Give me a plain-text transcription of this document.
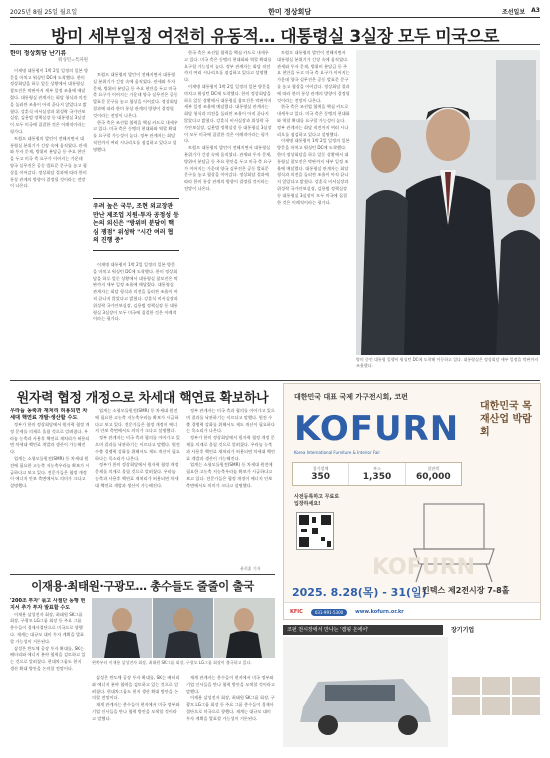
2025년 8월 25일 월요일	한미 정상회담	조선일보 A3
방미 세부일정 여전히 유동적… 대통령실 3실장 모두 미국으로
한미 정상회담 난기류
워싱턴=특파원

이재명 대통령이 1박 2일 일정의 일본 방문을 마치고 워싱턴 DC에 도착했다. 한미 정상회담을 하루 앞둔 상황에서 대통령실 참모진은 막판까지 세부 일정 조율에 매달렸다. 대통령실 관계자는 회담 형식과 의전을 둘러싼 조율이 아직 끝나지 않았다고 밝혔다. 강훈식 비서실장과 위성락 국가안보실장, 김용범 정책실장 등 대통령실 3실장이 모두 미국에 집결한 것은 이례적이라는 평가다.

트럼프 대통령의 발언이 전해지면서 대통령실 분위기가 긴장 속에 움직였다. 관세와 투자 문제, 방위비 분담금 등 주요 현안을 두고 미국 측 요구가 이어지는 가운데 양국 실무진은 공동 발표문 문구를 놓고 협상을 이어갔다. 정상회담 결과에 따라 한미 통상 관계의 방향이 결정될 것이라는 전망이 나온다.

트럼프 대통령의 발언이 전해지면서 대통령실 분위기가 긴장 속에 움직였다. 관세와 투자 문제, 방위비 분담금 등 주요 현안을 두고 미국 측 요구가 이어지는 가운데 양국 실무진은 공동 발표문 문구를 놓고 협상을 이어갔다. 정상회담 결과에 따라 한미 통상 관계의 방향이 결정될 것이라는 전망이 나온다.

한국 측은 조선업 협력을 핵심 카드로 내세우고 있다. 미국 측은 동맹의 현대화와 역할 확대를 요구할 가능성이 높다. 정부 관계자는 회담 직전까지 여러 시나리오를 점검하고 있다고 설명했다.

우려 높은 국무, 조현 외교장관 만난 제조업 지원·투자 공정성 등 논의 외신은 "방위비 분담이 핵심 쟁점" 위성락 "시간 여러 협의 진행 중"

이재명 대통령이 1박 2일 일정의 일본 방문을 마치고 워싱턴 DC에 도착했다. 한미 정상회담을 하루 앞둔 상황에서 대통령실 참모진은 막판까지 세부 일정 조율에 매달렸다. 대통령실 관계자는 회담 형식과 의전을 둘러싼 조율이 아직 끝나지 않았다고 밝혔다. 강훈식 비서실장과 위성락 국가안보실장, 김용범 정책실장 등 대통령실 3실장이 모두 미국에 집결한 것은 이례적이라는 평가다.

한국 측은 조선업 협력을 핵심 카드로 내세우고 있다. 미국 측은 동맹의 현대화와 역할 확대를 요구할 가능성이 높다. 정부 관계자는 회담 직전까지 여러 시나리오를 점검하고 있다고 설명했다.

이재명 대통령이 1박 2일 일정의 일본 방문을 마치고 워싱턴 DC에 도착했다. 한미 정상회담을 하루 앞둔 상황에서 대통령실 참모진은 막판까지 세부 일정 조율에 매달렸다. 대통령실 관계자는 회담 형식과 의전을 둘러싼 조율이 아직 끝나지 않았다고 밝혔다. 강훈식 비서실장과 위성락 국가안보실장, 김용범 정책실장 등 대통령실 3실장이 모두 미국에 집결한 것은 이례적이라는 평가다.

트럼프 대통령의 발언이 전해지면서 대통령실 분위기가 긴장 속에 움직였다. 관세와 투자 문제, 방위비 분담금 등 주요 현안을 두고 미국 측 요구가 이어지는 가운데 양국 실무진은 공동 발표문 문구를 놓고 협상을 이어갔다. 정상회담 결과에 따라 한미 통상 관계의 방향이 결정될 것이라는 전망이 나온다.

트럼프 대통령의 발언이 전해지면서 대통령실 분위기가 긴장 속에 움직였다. 관세와 투자 문제, 방위비 분담금 등 주요 현안을 두고 미국 측 요구가 이어지는 가운데 양국 실무진은 공동 발표문 문구를 놓고 협상을 이어갔다. 정상회담 결과에 따라 한미 통상 관계의 방향이 결정될 것이라는 전망이 나온다.

한국 측은 조선업 협력을 핵심 카드로 내세우고 있다. 미국 측은 동맹의 현대화와 역할 확대를 요구할 가능성이 높다. 정부 관계자는 회담 직전까지 여러 시나리오를 점검하고 있다고 설명했다.

이재명 대통령이 1박 2일 일정의 일본 방문을 마치고 워싱턴 DC에 도착했다. 한미 정상회담을 하루 앞둔 상황에서 대통령실 참모진은 막판까지 세부 일정 조율에 매달렸다. 대통령실 관계자는 회담 형식과 의전을 둘러싼 조율이 아직 끝나지 않았다고 밝혔다. 강훈식 비서실장과 위성락 국가안보실장, 김용범 정책실장 등 대통령실 3실장이 모두 미국에 집결한 것은 이례적이라는 평가다.

방미 중인 대통령 일행이 워싱턴 DC에 도착해 이동하고 있다. 대통령실은 정상회담 세부 일정을 막판까지 조율했다.
원자력 협정 개정으로 차세대 핵연료 확보하나
우라늄 농축과 재처리 허용되면 차세대 핵연료 개발·생산할 수도

정부가 한미 정상회담에서 원자력 협정 개정 문제를 의제로 올릴 것으로 알려졌다. 우라늄 농축과 사용후 핵연료 재처리가 허용되면 차세대 핵연료 개발과 생산이 가능해진다.

업계는 소형모듈원전(SMR) 등 차세대 원전에 필요한 고농축 저농축우라늄 확보가 시급하다고 보고 있다. 전문가들은 협정 개정이 에너지 안보 측면에서도 의미가 크다고 설명했다.

업계는 소형모듈원전(SMR) 등 차세대 원전에 필요한 고농축 저농축우라늄 확보가 시급하다고 보고 있다. 전문가들은 협정 개정이 에너지 안보 측면에서도 의미가 크다고 설명했다.

정부 관계자는 미국 측과 협의를 이어가고 있으며 결과를 낙관하기는 이르다고 말했다. 원전 수출 경쟁력 강화를 위해서도 제도 개선이 필요하다는 목소리가 나온다.

정부가 한미 정상회담에서 원자력 협정 개정 문제를 의제로 올릴 것으로 알려졌다. 우라늄 농축과 사용후 핵연료 재처리가 허용되면 차세대 핵연료 개발과 생산이 가능해진다.

정부 관계자는 미국 측과 협의를 이어가고 있으며 결과를 낙관하기는 이르다고 말했다. 원전 수출 경쟁력 강화를 위해서도 제도 개선이 필요하다는 목소리가 나온다.

정부가 한미 정상회담에서 원자력 협정 개정 문제를 의제로 올릴 것으로 알려졌다. 우라늄 농축과 사용후 핵연료 재처리가 허용되면 차세대 핵연료 개발과 생산이 가능해진다.

업계는 소형모듈원전(SMR) 등 차세대 원전에 필요한 고농축 저농축우라늄 확보가 시급하다고 보고 있다. 전문가들은 협정 개정이 에너지 안보 측면에서도 의미가 크다고 설명했다.

윤희훈 기자
이재용·최태원·구광모… 총수들도 줄줄이 출국
'200조 투자' 묶고 사절단 동행 현지서 추가 투자 발표할 수도

이재용 삼성전자 회장, 최태원 SK그룹 회장, 구광모 LG그룹 회장 등 주요 그룹 총수들이 경제사절단으로 미국으로 향했다. 재계는 대규모 대미 투자 계획을 발표할 가능성이 거론된다.

삼성은 반도체 공장 투자 확대를, SK는 배터리와 에너지 분야 협력을 검토하고 있는 것으로 알려졌다. 현대차그룹도 현지 생산 확대 방안을 논의할 전망이다.

왼쪽부터 이재용 삼성전자 회장, 최태원 SK그룹 회장, 구광모 LG그룹 회장이 출국하고 있다.

삼성은 반도체 공장 투자 확대를, SK는 배터리와 에너지 분야 협력을 검토하고 있는 것으로 알려졌다. 현대차그룹도 현지 생산 확대 방안을 논의할 전망이다.

재계 관계자는 총수들이 현지에서 미국 정부와 기업 인사들을 만나 협력 방안을 모색할 것이라고 말했다.

재계 관계자는 총수들이 현지에서 미국 정부와 기업 인사들을 만나 협력 방안을 모색할 것이라고 말했다.

이재용 삼성전자 회장, 최태원 SK그룹 회장, 구광모 LG그룹 회장 등 주요 그룹 총수들이 경제사절단으로 미국으로 향했다. 재계는 대규모 대미 투자 계획을 발표할 가능성이 거론된다.

대한민국 대표 국제 가구전시회, 코펀
KOFURN
Korea International Furniture & Interior Fair
대한민국 목재산업 박람회
참가업체
350
부스
1,350
참관객
60,000
사전등록하고 무료로 입장하세요!
KOFURN
2025. 8.28(목) - 31(일)
킨텍스 제2전시장 7-8홀
KFIC	031-991-5300	www.kofurn.or.kr
코펀 전시장에서 만나는 '캠핑 온에어'	장기기업
